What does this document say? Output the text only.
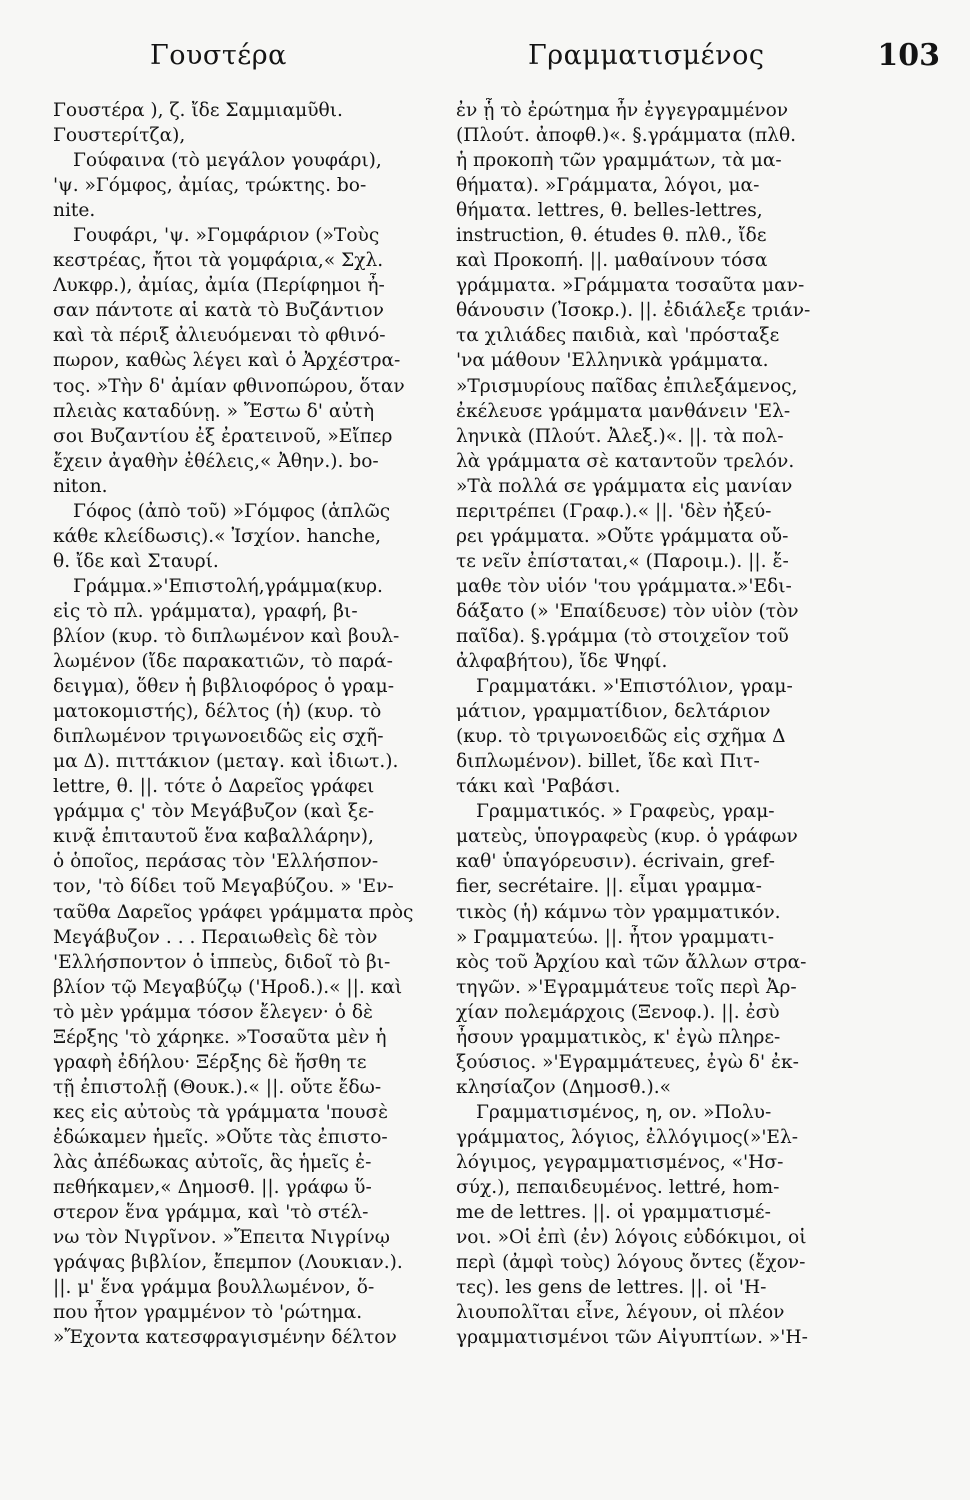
Γουστέρα	Γραμματισμένος	103
Γουστέρα ), ζ. ἴδε Σαμμιαμῦθι.
Γουστερίτζα),
Γούφαινα (τὸ μεγάλον γουφάρι),
'ψ. »Γόμφος, ἀμίας, τρώκτης. bo-
nite.
Γουφάρι, 'ψ. »Γομφάριον (»Τοὺς
κεστρέας, ἤτοι τὰ γομφάρια,« Σχλ.
Λυκφρ.), ἀμίας, ἀμία (Περίφημοι ἦ-
σαν πάντοτε αἱ κατὰ τὸ Βυζάντιον
καὶ τὰ πέριξ ἀλιευόμεναι τὸ φθινό-
πωρον, καθὼς λέγει καὶ ὁ Ἀρχέστρα-
τος. »Τὴν δ' ἀμίαν φθινοπώρου, ὅταν
πλειὰς καταδύνῃ. » Ἔστω δ' αὐτὴ
σοι Βυζαντίου ἐξ ἐρατεινοῦ, »Εἴπερ
ἔχειν ἀγαθὴν ἐθέλεις,« Ἀθην.). bo-
niton.
Γόφος (ἀπὸ τοῦ) »Γόμφος (ἁπλῶς
κάθε κλείδωσις).« Ἰσχίον. hanche,
θ. ἴδε καὶ Σταυρί.
Γράμμα.»'Επιστολή,γράμμα(κυρ.
εἰς τὸ πλ. γράμματα), γραφή, βι-
βλίον (κυρ. τὸ διπλωμένον καὶ βουλ-
λωμένον (ἴδε παρακατιῶν, τὸ παρά-
δειγμα), ὅθεν ἡ βιβλιοφόρος ὁ γραμ-
ματοκομιστής), δέλτος (ἡ) (κυρ. τὸ
διπλωμένον τριγωνοειδῶς εἰς σχῆ-
μα Δ). πιττάκιον (μεταγ. καὶ ἰδιωτ.).
lettre, θ. ||. τότε ὁ Δαρεῖος γράφει
γράμμα ς' τὸν Μεγάβυζον (καὶ ξε-
κινᾷ ἐπιταυτοῦ ἕνα καβαλλάρην),
ὁ ὁποῖος, περάσας τὸν 'Ελλήσπον-
τον, 'τὸ δίδει τοῦ Μεγαβύζου. » 'Εν-
ταῦθα Δαρεῖος γράφει γράμματα πρὸς
Μεγάβυζον . . . Περαιωθεὶς δὲ τὸν
'Ελλήσποντον ὁ ἱππεὺς, διδοῖ τὸ βι-
βλίον τῷ Μεγαβύζῳ ('Ηροδ.).« ||. καὶ
τὸ μὲν γράμμα τόσον ἔλεγεν· ὁ δὲ
Ξέρξης 'τὸ χάρηκε. »Τοσαῦτα μὲν ἡ
γραφὴ ἐδήλου· Ξέρξης δὲ ἥσθη τε
τῇ ἐπιστολῇ (Θουκ.).« ||. οὔτε ἔδω-
κες εἰς αὐτοὺς τὰ γράμματα 'πουσὲ
ἐδώκαμεν ἡμεῖς. »Οὔτε τὰς ἐπιστο-
λὰς ἀπέδωκας αὐτοῖς, ἃς ἡμεῖς ἐ-
πεθήκαμεν,« Δημοσθ. ||. γράφω ὕ-
στερον ἕνα γράμμα, καὶ 'τὸ στέλ-
νω τὸν Νιγρῖνον. »Ἔπειτα Νιγρίνῳ
γράψας βιβλίον, ἔπεμπον (Λουκιαν.).
||. μ' ἕνα γράμμα βουλλωμένον, ὅ-
που ἦτον γραμμένον τὸ 'ρώτημα.
»Ἔχοντα κατεσφραγισμένην δέλτον
ἐν ᾗ τὸ ἐρώτημα ἦν ἐγγεγραμμένον
(Πλούτ. ἀποφθ.)«. §.γράμματα (πλθ.
ἡ προκοπὴ τῶν γραμμάτων, τὰ μα-
θήματα). »Γράμματα, λόγοι, μα-
θήματα. lettres, θ. belles-lettres,
instruction, θ. études θ. πλθ., ἴδε
καὶ Προκοπή. ||. μαθαίνουν τόσα
γράμματα. »Γράμματα τοσαῦτα μαν-
θάνουσιν (Ἰσοκρ.). ||. ἐδιάλεξε τριάν-
τα χιλιάδες παιδιὰ, καὶ 'πρόσταξε
'να μάθουν 'Ελληνικὰ γράμματα.
»Τρισμυρίους παῖδας ἐπιλεξάμενος,
ἐκέλευσε γράμματα μανθάνειν 'Ελ-
ληνικὰ (Πλούτ. Ἀλεξ.)«. ||. τὰ πολ-
λὰ γράμματα σὲ καταντοῦν τρελόν.
»Τὰ πολλά σε γράμματα εἰς μανίαν
περιτρέπει (Γραφ.).« ||. 'δὲν ἠξεύ-
ρει γράμματα. »Οὔτε γράμματα οὔ-
τε νεῖν ἐπίσταται,« (Παροιμ.). ||. ἔ-
μαθε τὸν υἱόν 'του γράμματα.»'Εδι-
δάξατο (» 'Επαίδευσε) τὸν υἱὸν (τὸν
παῖδα). §.γράμμα (τὸ στοιχεῖον τοῦ
ἀλφαβήτου), ἴδε Ψηφί.
Γραμματάκι. »'Επιστόλιον, γραμ-
μάτιον, γραμματίδιον, δελτάριον
(κυρ. τὸ τριγωνοειδῶς εἰς σχῆμα Δ
διπλωμένον). billet, ἴδε καὶ Πιτ-
τάκι καὶ 'Ραβάσι.
Γραμματικός. » Γραφεὺς, γραμ-
ματεὺς, ὑπογραφεὺς (κυρ. ὁ γράφων
καθ' ὑπαγόρευσιν). écrivain, gref-
fier, secrétaire. ||. εἶμαι γραμμα-
τικὸς (ἡ) κάμνω τὸν γραμματικόν.
» Γραμματεύω. ||. ἦτον γραμματι-
κὸς τοῦ Ἀρχίου καὶ τῶν ἄλλων στρα-
τηγῶν. »'Εγραμμάτευε τοῖς περὶ Ἀρ-
χίαν πολεμάρχοις (Ξενοφ.). ||. ἐσὺ
ἦσουν γραμματικὸς, κ' ἐγὼ πληρε-
ξούσιος. »'Εγραμμάτευες, ἐγὼ δ' ἐκ-
κλησίαζον (Δημοσθ.).«
Γραμματισμένος, η, ον. »Πολυ-
γράμματος, λόγιος, ἐλλόγιμος(»'Ελ-
λόγιμος, γεγραμματισμένος, «'Ησ-
σύχ.), πεπαιδευμένος. lettré, hom-
me de lettres. ||. οἱ γραμματισμέ-
νοι. »Οἱ ἐπὶ (ἐν) λόγοις εὐδόκιμοι, οἱ
περὶ (ἀμφὶ τοὺς) λόγους ὄντες (ἔχον-
τες). les gens de lettres. ||. οἱ 'Η-
λιουπολῖται εἶνε, λέγουν, οἱ πλέον
γραμματισμένοι τῶν Αἰγυπτίων. »'Η-
